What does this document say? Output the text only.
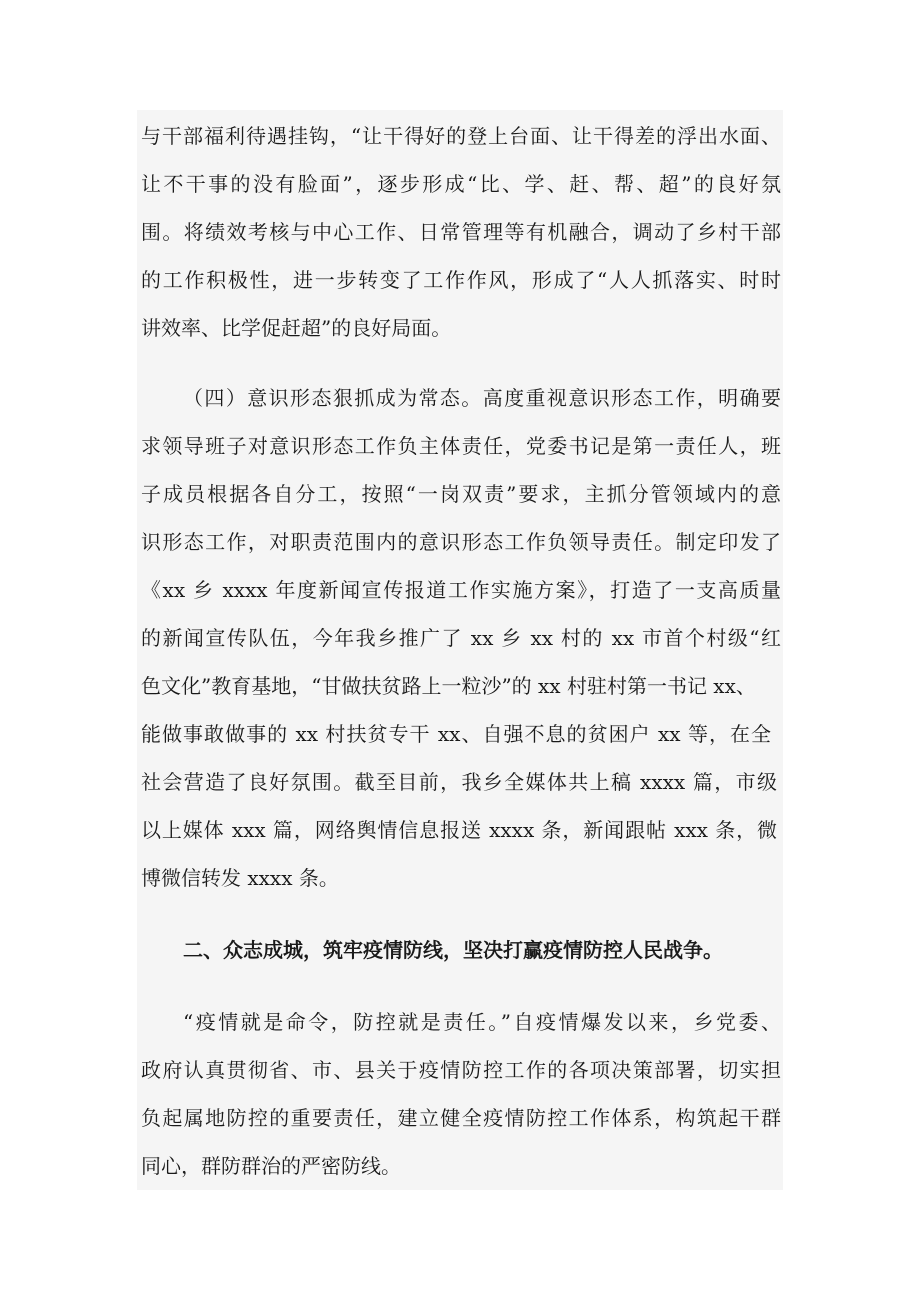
与干部福利待遇挂钩，“让干得好的登上台面、让干得差的浮出水面、
让不干事的没有脸面”，逐步形成“比、学、赶、帮、超”的良好氛
围。将绩效考核与中心工作、日常管理等有机融合，调动了乡村干部
的工作积极性，进一步转变了工作作风，形成了“人人抓落实、时时
讲效率、比学促赶超”的良好局面。
（四）意识形态狠抓成为常态。高度重视意识形态工作，明确要
求领导班子对意识形态工作负主体责任，党委书记是第一责任人，班
子成员根据各自分工，按照“一岗双责”要求，主抓分管领域内的意
识形态工作，对职责范围内的意识形态工作负领导责任。制定印发了
《xx 乡 xxxx 年度新闻宣传报道工作实施方案》，打造了一支高质量
的新闻宣传队伍，今年我乡推广了 xx 乡 xx 村的 xx 市首个村级“红
色文化”教育基地，“甘做扶贫路上一粒沙”的 xx 村驻村第一书记 xx、
能做事敢做事的 xx 村扶贫专干 xx、自强不息的贫困户 xx 等，在全
社会营造了良好氛围。截至目前，我乡全媒体共上稿 xxxx 篇，市级
以上媒体 xxx 篇，网络舆情信息报送 xxxx 条，新闻跟帖 xxx 条，微
博微信转发 xxxx 条。
二、众志成城，筑牢疫情防线，坚决打赢疫情防控人民战争。
“疫情就是命令，防控就是责任。”自疫情爆发以来，乡党委、
政府认真贯彻省、市、县关于疫情防控工作的各项决策部署，切实担
负起属地防控的重要责任，建立健全疫情防控工作体系，构筑起干群
同心，群防群治的严密防线。
